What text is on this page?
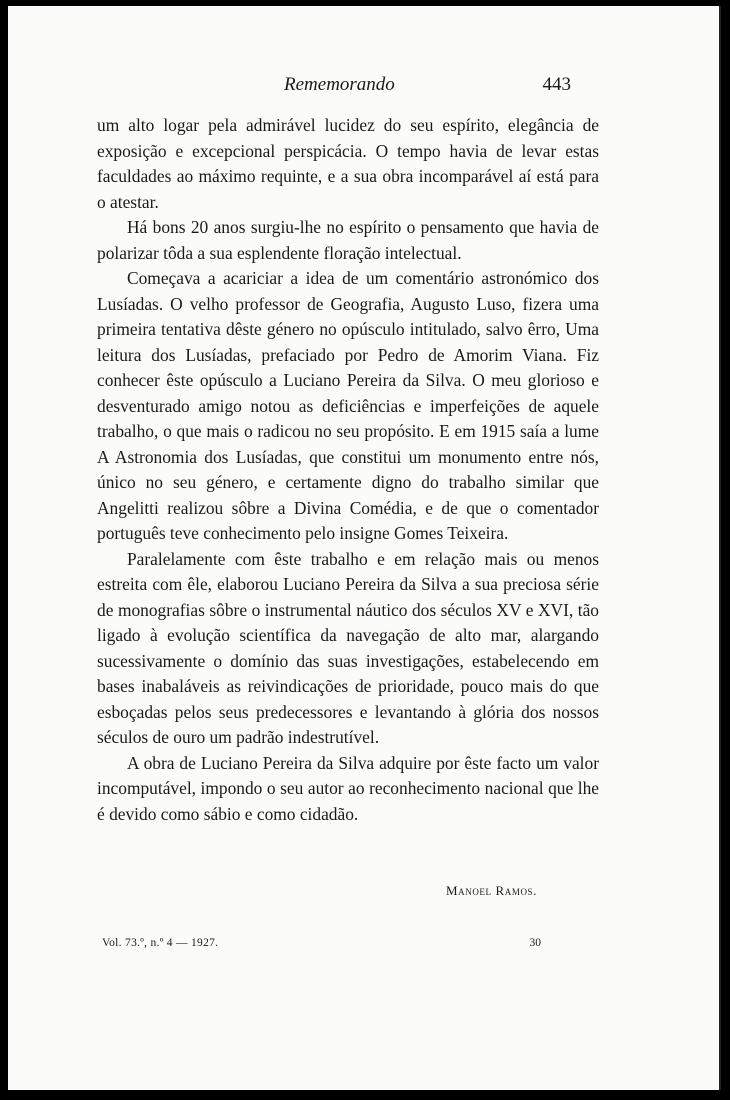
Rememorando	443

um alto logar pela admirável lucidez do seu espírito, elegância de exposição e excepcional perspicácia. O tempo havia de levar estas faculdades ao máximo requinte, e a sua obra incomparável aí está para o atestar.

Há bons 20 anos surgiu-lhe no espírito o pensamento que havia de polarizar tôda a sua esplendente floração intelectual.

Começava a acariciar a idea de um comentário astronómico dos Lusíadas. O velho professor de Geografia, Augusto Luso, fizera uma primeira tentativa dêste género no opúsculo intitulado, salvo êrro, Uma leitura dos Lusíadas, prefaciado por Pedro de Amorim Viana. Fiz conhecer êste opúsculo a Luciano Pereira da Silva. O meu glorioso e desventurado amigo notou as deficiências e imperfeições de aquele trabalho, o que mais o radicou no seu propósito. E em 1915 saía a lume A Astronomia dos Lusíadas, que constitui um monumento entre nós, único no seu género, e certamente digno do trabalho similar que Angelitti realizou sôbre a Divina Comédia, e de que o comentador português teve conhecimento pelo insigne Gomes Teixeira.

Paralelamente com êste trabalho e em relação mais ou menos estreita com êle, elaborou Luciano Pereira da Silva a sua preciosa série de monografias sôbre o instrumental náutico dos séculos XV e XVI, tão ligado à evolução scientífica da navegação de alto mar, alargando sucessivamente o domínio das suas investigações, estabelecendo em bases inabaláveis as reivindicações de prioridade, pouco mais do que esboçadas pelos seus predecessores e levantando à glória dos nossos séculos de ouro um padrão indestrutível.

A obra de Luciano Pereira da Silva adquire por êste facto um valor incomputável, impondo o seu autor ao reconhecimento nacional que lhe é devido como sábio e como cidadão.

Manoel Ramos.
Vol. 73.º, n.º 4 — 1927.	30
